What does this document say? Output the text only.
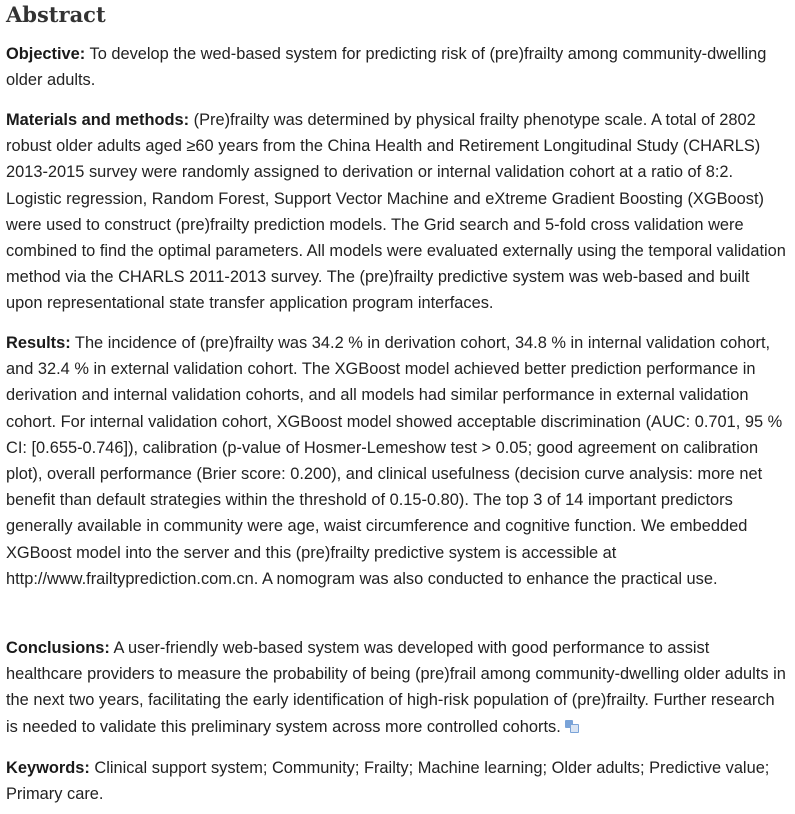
Abstract

Objective: To develop the wed-based system for predicting risk of (pre)frailty among community-dwelling older adults.

Materials and methods: (Pre)frailty was determined by physical frailty phenotype scale. A total of 2802 robust older adults aged ≥60 years from the China Health and Retirement Longitudinal Study (CHARLS) 2013-2015 survey were randomly assigned to derivation or internal validation cohort at a ratio of 8:2. Logistic regression, Random Forest, Support Vector Machine and eXtreme Gradient Boosting (XGBoost) were used to construct (pre)frailty prediction models. The Grid search and 5-fold cross validation were combined to find the optimal parameters. All models were evaluated externally using the temporal validation method via the CHARLS 2011-2013 survey. The (pre)frailty predictive system was web-based and built upon representational state transfer application program interfaces.

Results: The incidence of (pre)frailty was 34.2 % in derivation cohort, 34.8 % in internal validation cohort, and 32.4 % in external validation cohort. The XGBoost model achieved better prediction performance in derivation and internal validation cohorts, and all models had similar performance in external validation cohort. For internal validation cohort, XGBoost model showed acceptable discrimination (AUC: 0.701, 95 % CI: [0.655-0.746]), calibration (p-value of Hosmer-Lemeshow test > 0.05; good agreement on calibration plot), overall performance (Brier score: 0.200), and clinical usefulness (decision curve analysis: more net benefit than default strategies within the threshold of 0.15-0.80). The top 3 of 14 important predictors generally available in community were age, waist circumference and cognitive function. We embedded XGBoost model into the server and this (pre)frailty predictive system is accessible at http://www.frailtyprediction.com.cn. A nomogram was also conducted to enhance the practical use.

Conclusions: A user-friendly web-based system was developed with good performance to assist healthcare providers to measure the probability of being (pre)frail among community-dwelling older adults in the next two years, facilitating the early identification of high-risk population of (pre)frailty. Further research is needed to validate this preliminary system across more controlled cohorts.

Keywords: Clinical support system; Community; Frailty; Machine learning; Older adults; Predictive value; Primary care.
